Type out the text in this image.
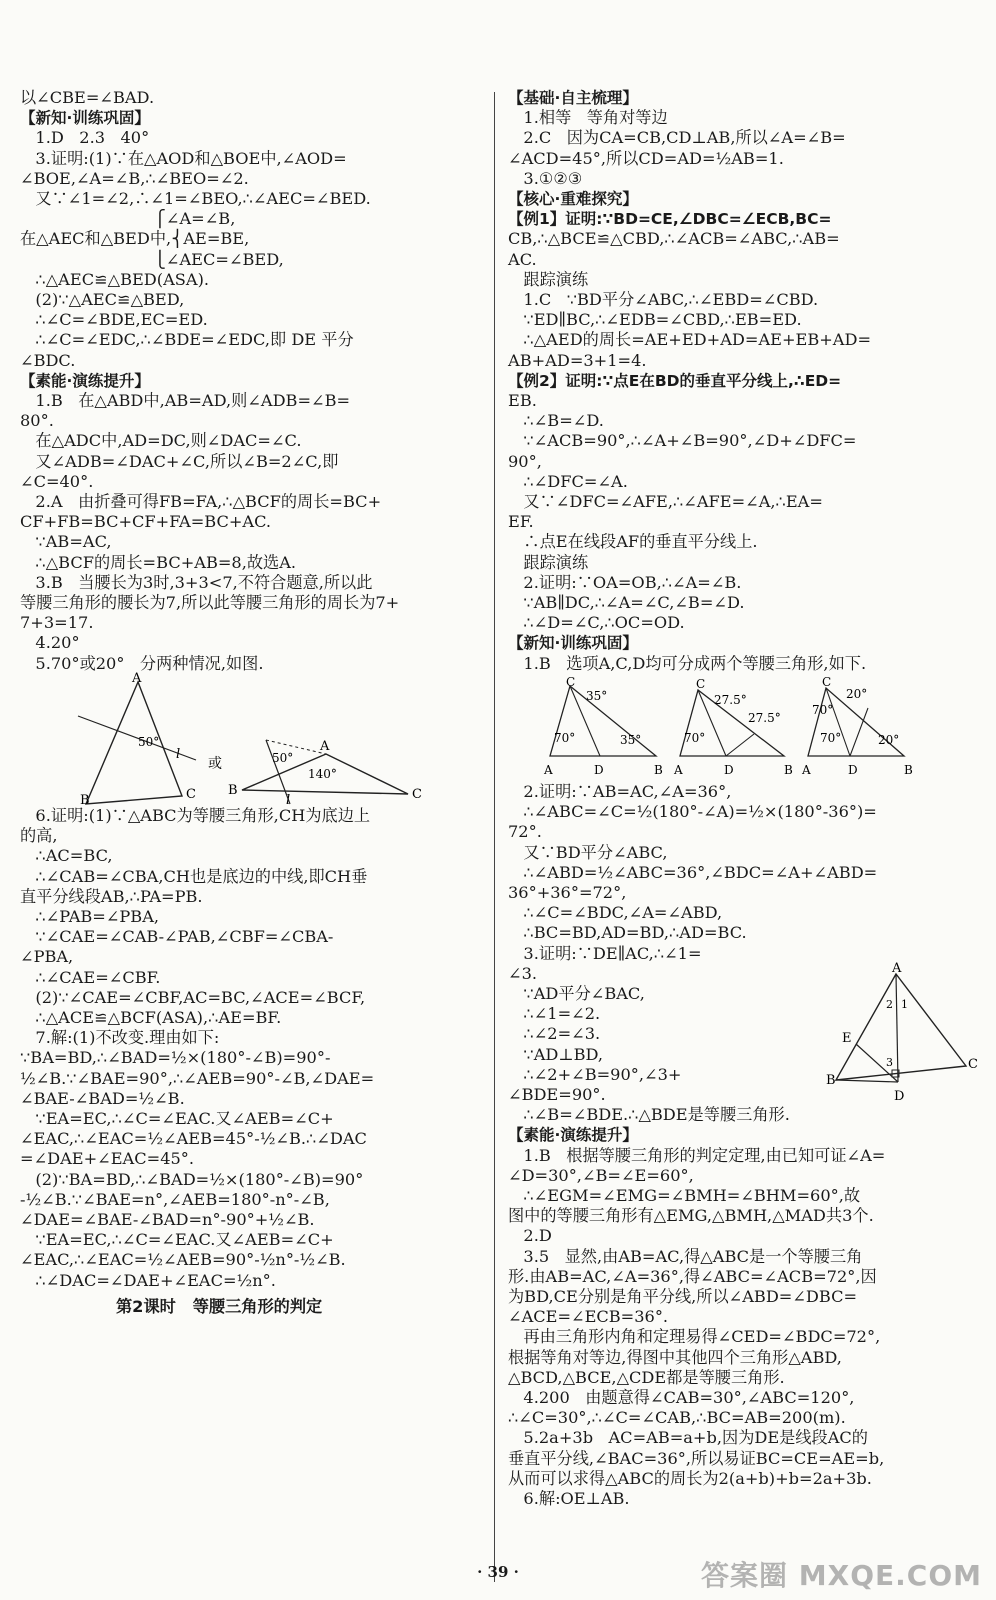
以∠CBE=∠BAD.
【新知·训练巩固】
1.D   2.3   40°
3.证明:(1)∵在△AOD和△BOE中,∠AOD=
∠BOE,∠A=∠B,∴∠BEO=∠2.
又∵∠1=∠2,∴∠1=∠BEO,∴∠AEC=∠BED.
⎧∠A=∠B,
在△AEC和△BED中,⎨AE=BE,
⎩∠AEC=∠BED,
∴△AEC≌△BED(ASA).
(2)∵△AEC≌△BED,
∴∠C=∠BDE,EC=ED.
∴∠C=∠EDC,∴∠BDE=∠EDC,即 DE 平分
∠BDC.
【素能·演练提升】
1.B   在△ABD中,AB=AD,则∠ADB=∠B=
80°.
在△ADC中,AD=DC,则∠DAC=∠C.
又∠ADB=∠DAC+∠C,所以∠B=2∠C,即
∠C=40°.
2.A   由折叠可得FB=FA,∴△BCF的周长=BC+
CF+FB=BC+CF+FA=BC+AC.
∵AB=AC,
∴△BCF的周长=BC+AB=8,故选A.
3.B   当腰长为3时,3+3<7,不符合题意,所以此
等腰三角形的腰长为7,所以此等腰三角形的周长为7+
7+3=17.
4.20°
5.70°或20°   分两种情况,如图.
A
B	C
l
50°
或
A
B	C
l
50°
140°
6.证明:(1)∵△ABC为等腰三角形,CH为底边上
的高,
∴AC=BC,
∴∠CAB=∠CBA,CH也是底边的中线,即CH垂
直平分线段AB,∴PA=PB.
∴∠PAB=∠PBA,
∵∠CAE=∠CAB-∠PAB,∠CBF=∠CBA-
∠PBA,
∴∠CAE=∠CBF.
(2)∵∠CAE=∠CBF,AC=BC,∠ACE=∠BCF,
∴△ACE≌△BCF(ASA),∴AE=BF.
7.解:(1)不改变.理由如下:
∵BA=BD,∴∠BAD=½×(180°-∠B)=90°-
½∠B.∵∠BAE=90°,∴∠AEB=90°-∠B,∠DAE=
∠BAE-∠BAD=½∠B.
∵EA=EC,∴∠C=∠EAC.又∠AEB=∠C+
∠EAC,∴∠EAC=½∠AEB=45°-½∠B.∴∠DAC
=∠DAE+∠EAC=45°.
(2)∵BA=BD,∴∠BAD=½×(180°-∠B)=90°
-½∠B.∵∠BAE=n°,∠AEB=180°-n°-∠B,
∠DAE=∠BAE-∠BAD=n°-90°+½∠B.
∵EA=EC,∴∠C=∠EAC.又∠AEB=∠C+
∠EAC,∴∠EAC=½∠AEB=90°-½n°-½∠B.
∴∠DAC=∠DAE+∠EAC=½n°.
第2课时   等腰三角形的判定
【基础·自主梳理】
1.相等   等角对等边
2.C   因为CA=CB,CD⊥AB,所以∠A=∠B=
∠ACD=45°,所以CD=AD=½AB=1.
3.①②③
【核心·重难探究】
【例1】证明:∵BD=CE,∠DBC=∠ECB,BC=
CB,∴△BCE≌△CBD,∴∠ACB=∠ABC,∴AB=
AC.
跟踪演练
1.C   ∵BD平分∠ABC,∴∠EBD=∠CBD.
∵ED∥BC,∴∠EDB=∠CBD,∴EB=ED.
∴△AED的周长=AE+ED+AD=AE+EB+AD=
AB+AD=3+1=4.
【例2】证明:∵点E在BD的垂直平分线上,∴ED=
EB.
∴∠B=∠D.
∵∠ACB=90°,∴∠A+∠B=90°,∠D+∠DFC=
90°,
∴∠DFC=∠A.
又∵∠DFC=∠AFE,∴∠AFE=∠A,∴EA=
EF.
∴点E在线段AF的垂直平分线上.
跟踪演练
2.证明:∵OA=OB,∴∠A=∠B.
∵AB∥DC,∴∠A=∠C,∠B=∠D.
∴∠D=∠C,∴OC=OD.
【新知·训练巩固】
1.B   选项A,C,D均可分成两个等腰三角形,如下.
C
35°
70°	35°
A	D	B
C
27.5°
27.5°
70°
A	D	B
C
20°
70°
70°	20°
A	D	B
2.证明:∵AB=AC,∠A=36°,
∴∠ABC=∠C=½(180°-∠A)=½×(180°-36°)=
72°.
又∵BD平分∠ABC,
∴∠ABD=½∠ABC=36°,∠BDC=∠A+∠ABD=
36°+36°=72°,
∴∠C=∠BDC,∠A=∠ABD,
∴BC=BD,AD=BD,∴AD=BC.
3.证明:∵DE∥AC,∴∠1=
∠3.
∵AD平分∠BAC,
∴∠1=∠2.
∴∠2=∠3.
∵AD⊥BD,
∴∠2+∠B=90°,∠3+
∠BDE=90°.
∴∠B=∠BDE.∴△BDE是等腰三角形.
【素能·演练提升】
1.B   根据等腰三角形的判定定理,由已知可证∠A=
∠D=30°,∠B=∠E=60°,
∴∠EGM=∠EMG=∠BMH=∠BHM=60°,故
图中的等腰三角形有△EMG,△BMH,△MAD共3个.
2.D
3.5   显然,由AB=AC,得△ABC是一个等腰三角
形.由AB=AC,∠A=36°,得∠ABC=∠ACB=72°,因
为BD,CE分别是角平分线,所以∠ABD=∠DBC=
∠ACE=∠ECB=36°.
再由三角形内角和定理易得∠CED=∠BDC=72°,
根据等角对等边,得图中其他四个三角形△ABD,
△BCD,△BCE,△CDE都是等腰三角形.
4.200   由题意得∠CAB=30°,∠ABC=120°,
∴∠C=30°,∴∠C=∠CAB,∴BC=AB=200(m).
5.2a+3b   AC=AB=a+b,因为DE是线段AC的
垂直平分线,∠BAC=36°,所以易证BC=CE=AE=b,
从而可以求得△ABC的周长为2(a+b)+b=2a+3b.
6.解:OE⊥AB.
A
E
B
C
D
1
2
3
· 39 ·	答案圈 MXQE.COM
